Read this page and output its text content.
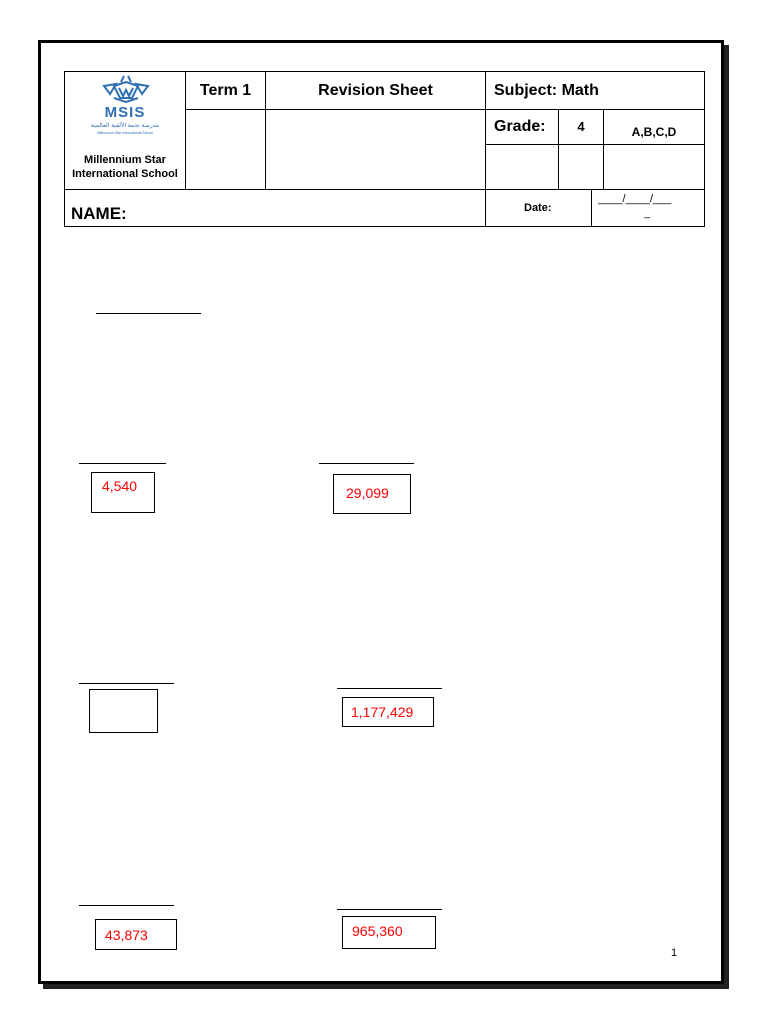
MSIS
مدرسة نجمة الألفية العالمية
Millennium Star International School
Millennium Star
International School
Term 1	Revision Sheet	Subject: Math
Grade:	4	A,B,C,D
NAME:	Date:
____/____/___
_
4,540	29,099
1,177,429
43,873	965,360
1
